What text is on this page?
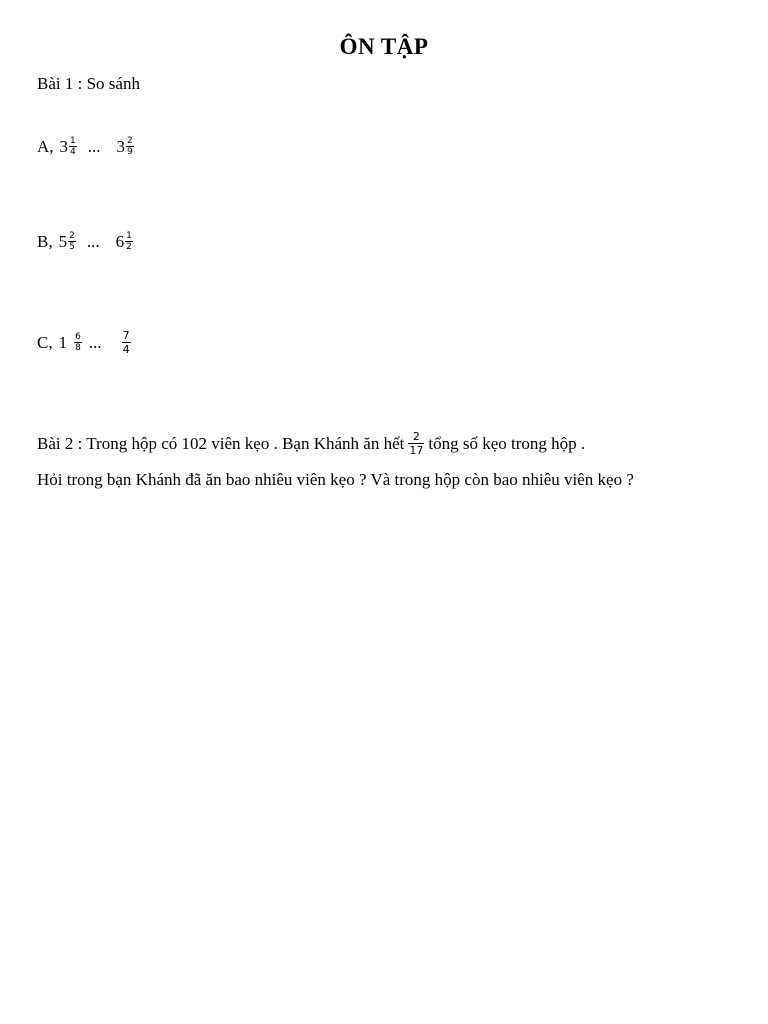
ÔN TẬP
Bài 1 : So sánh
A, $3 \frac{1}{4}$ ... $3 \frac{2}{9}$
B, $5 \frac{2}{5}$ ... $6 \frac{1}{2}$
C, $1 \frac{6}{8}$ ... $\frac{7}{4}$
Bài 2 : Trong hộp có 102 viên kẹo . Bạn Khánh ăn hết $\frac{2}{17}$ tổng số kẹo trong hộp .
Hỏi trong bạn Khánh đã ăn bao nhiêu viên kẹo ? Và trong hộp còn bao nhiêu viên kẹo ?
